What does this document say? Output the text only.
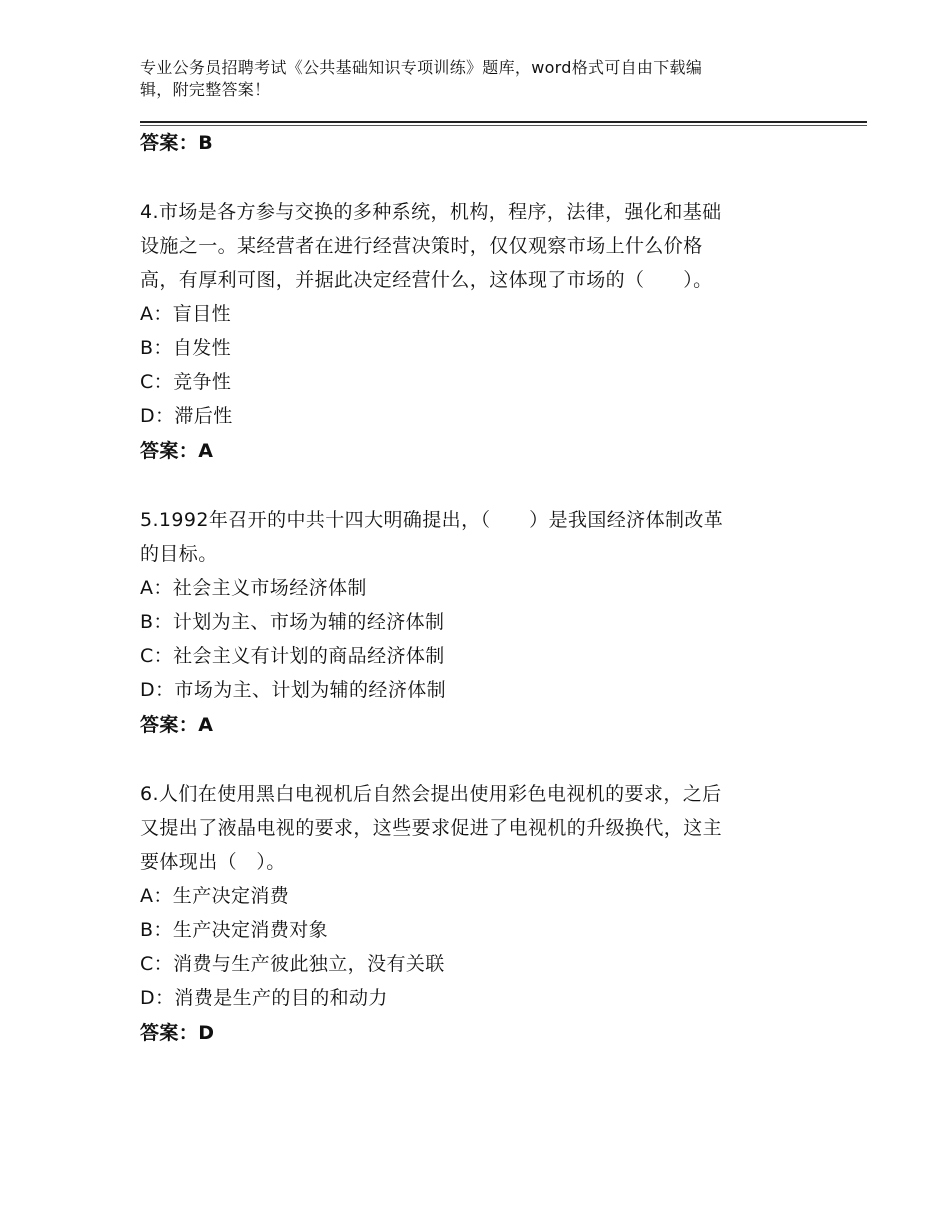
专业公务员招聘考试《公共基础知识专项训练》题库，word格式可自由下载编
辑，附完整答案！
答案：B
4.市场是各方参与交换的多种系统，机构，程序，法律，强化和基础
设施之一。某经营者在进行经营决策时，仅仅观察市场上什么价格
高，有厚利可图，并据此决定经营什么，这体现了市场的（　　）。
A：盲目性
B：自发性
C：竞争性
D：滞后性
答案：A
5.1992年召开的中共十四大明确提出，（　　）是我国经济体制改革
的目标。
A：社会主义市场经济体制
B：计划为主、市场为辅的经济体制
C：社会主义有计划的商品经济体制
D：市场为主、计划为辅的经济体制
答案：A
6.人们在使用黑白电视机后自然会提出使用彩色电视机的要求，之后
又提出了液晶电视的要求，这些要求促进了电视机的升级换代，这主
要体现出（　）。
A：生产决定消费
B：生产决定消费对象
C：消费与生产彼此独立，没有关联
D：消费是生产的目的和动力
答案：D
